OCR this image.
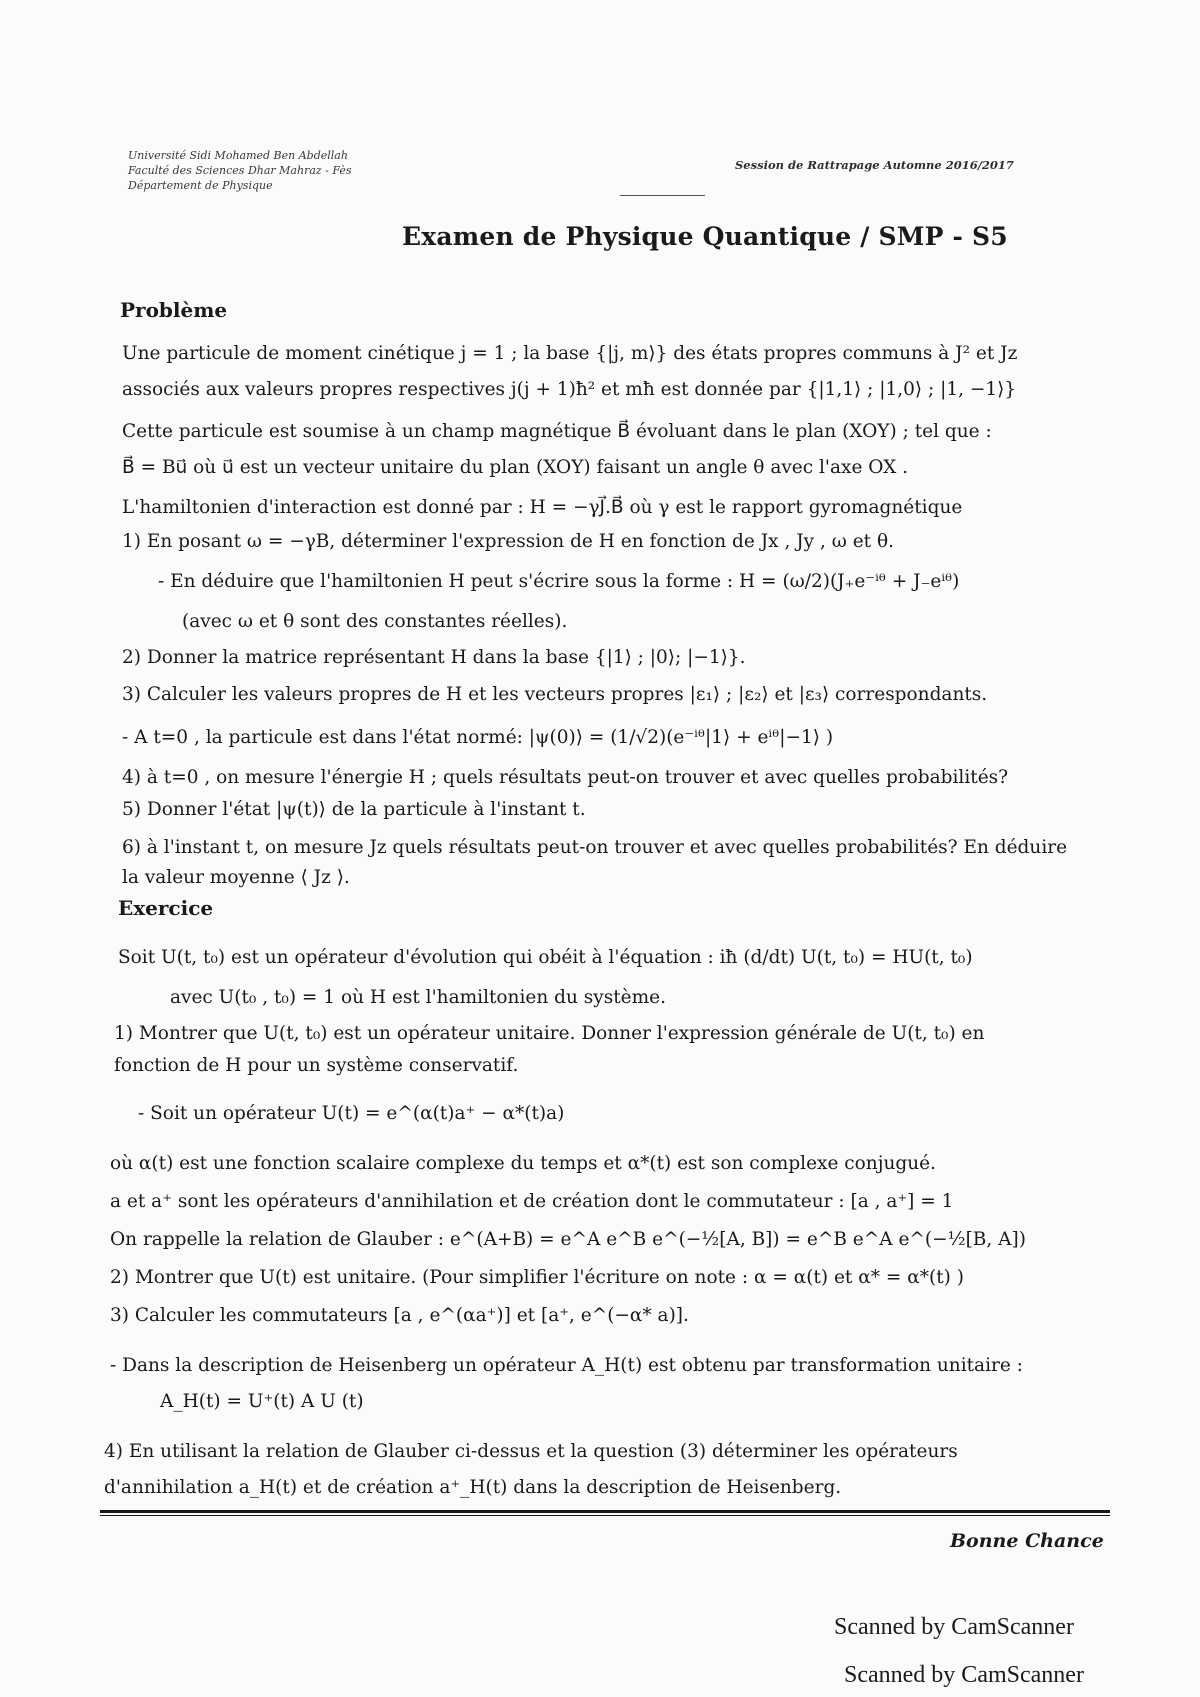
Université Sidi Mohamed Ben Abdellah
Faculté des Sciences Dhar Mahraz - Fès
Département de Physique
Session de Rattrapage Automne 2016/2017
Examen de Physique Quantique / SMP - S5
Problème
Une particule de moment cinétique j = 1 ; la base {|j, m⟩} des états propres communs à J² et Jz
associés aux valeurs propres respectives j(j + 1)ħ² et mħ est donnée par {|1,1⟩ ; |1,0⟩ ; |1, −1⟩}
Cette particule est soumise à un champ magnétique B⃗ évoluant dans le plan (XOY) ; tel que :
B⃗ = Bu⃗ où u⃗ est un vecteur unitaire du plan (XOY) faisant un angle θ avec l'axe OX .
L'hamiltonien d'interaction est donné par : H = −γJ⃗.B⃗ où γ est le rapport gyromagnétique
1) En posant ω = −γB, déterminer l'expression de H en fonction de Jx , Jy , ω et θ.
- En déduire que l'hamiltonien H peut s'écrire sous la forme : H = (ω/2)(J₊e⁻ⁱᶿ + J₋eⁱᶿ)
(avec ω et θ sont des constantes réelles).
2) Donner la matrice représentant H dans la base {|1⟩ ; |0⟩; |−1⟩}.
3) Calculer les valeurs propres de H et les vecteurs propres |ε₁⟩ ; |ε₂⟩ et |ε₃⟩ correspondants.
- A t=0 , la particule est dans l'état normé: |ψ(0)⟩ = (1/√2)(e⁻ⁱᶿ|1⟩ + eⁱᶿ|−1⟩ )
4) à t=0 , on mesure l'énergie H ; quels résultats peut-on trouver et avec quelles probabilités?
5) Donner l'état |ψ(t)⟩ de la particule à l'instant t.
6) à l'instant t, on mesure Jz quels résultats peut-on trouver et avec quelles probabilités? En déduire
la valeur moyenne ⟨ Jz ⟩.
Exercice
Soit U(t, t₀) est un opérateur d'évolution qui obéit à l'équation : iħ (d/dt) U(t, t₀) = HU(t, t₀)
avec U(t₀ , t₀) = 1 où H est l'hamiltonien du système.
1) Montrer que U(t, t₀) est un opérateur unitaire. Donner l'expression générale de U(t, t₀) en
fonction de H pour un système conservatif.
- Soit un opérateur U(t) = e^(α(t)a⁺ − α*(t)a)
où α(t) est une fonction scalaire complexe du temps et α*(t) est son complexe conjugué.
a et a⁺ sont les opérateurs d'annihilation et de création dont le commutateur : [a , a⁺] = 1
On rappelle la relation de Glauber : e^(A+B) = e^A e^B e^(−½[A, B]) = e^B e^A e^(−½[B, A])
2) Montrer que U(t) est unitaire. (Pour simplifier l'écriture on note : α = α(t) et α* = α*(t) )
3) Calculer les commutateurs [a , e^(αa⁺)] et [a⁺, e^(−α* a)].
- Dans la description de Heisenberg un opérateur A_H(t) est obtenu par transformation unitaire :
A_H(t) = U⁺(t) A U (t)
4) En utilisant la relation de Glauber ci-dessus et la question (3) déterminer les opérateurs
d'annihilation a_H(t) et de création a⁺_H(t) dans la description de Heisenberg.
Bonne Chance
Scanned by CamScanner
Scanned by CamScanner
